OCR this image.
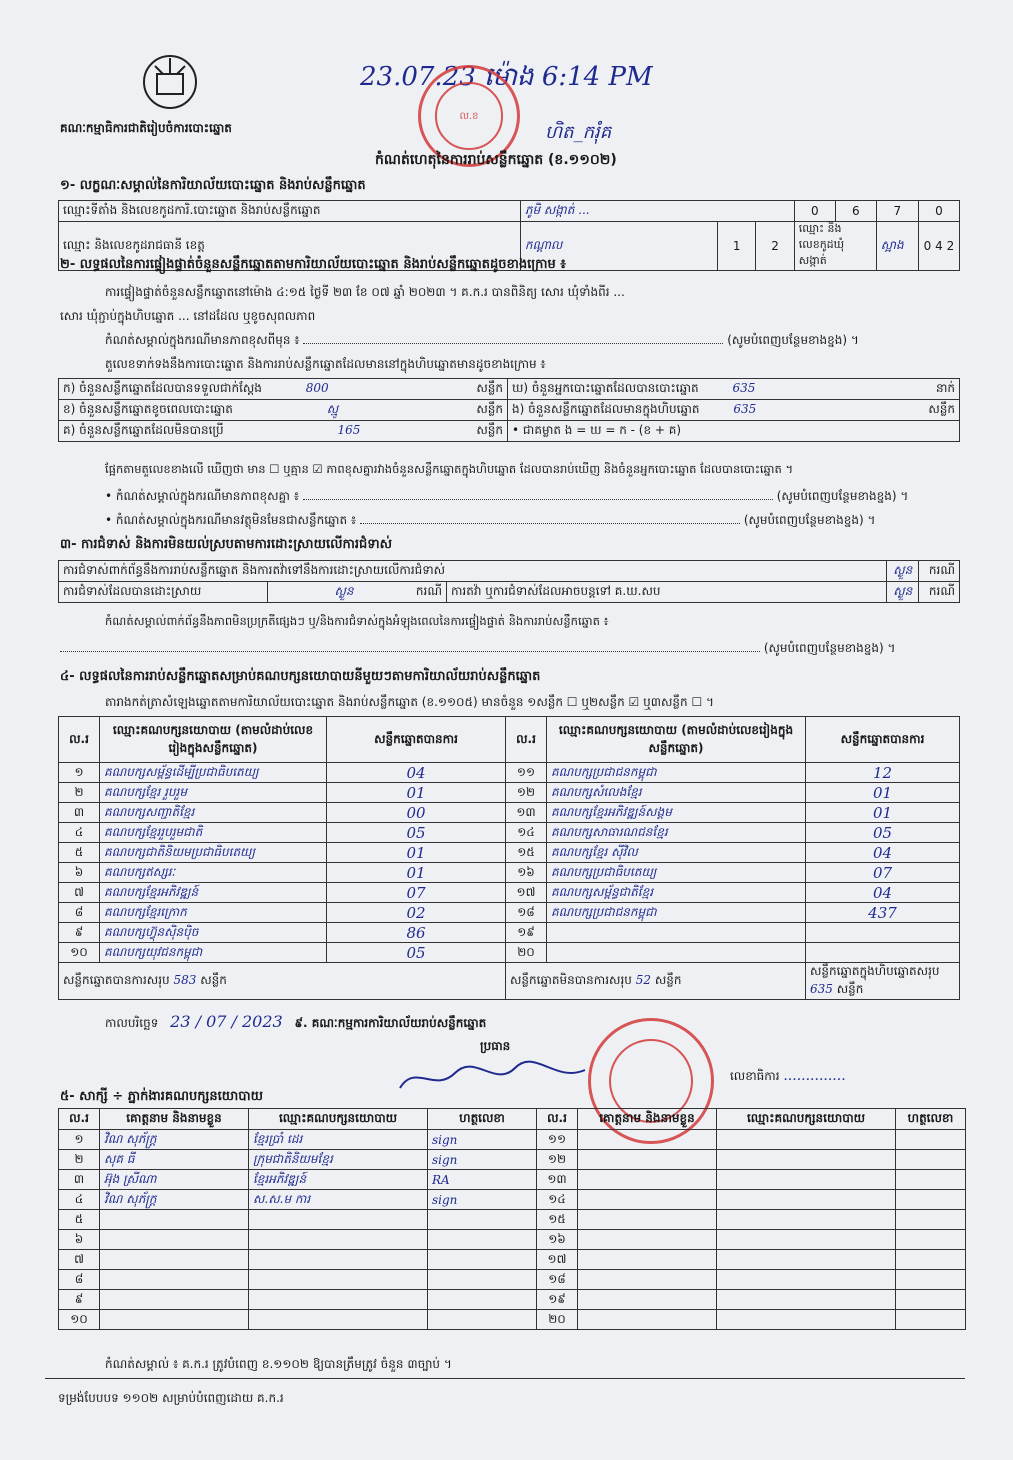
គណៈកម្មាធិការជាតិរៀបចំការបោះឆ្នោត
23.07.23 ម៉ោង 6:14 PM
ល.ខ
ហិត_ករុំគ
កំណត់ហេតុនៃការរាប់សន្លឹកឆ្នោត (ខ.១១០២)
១- លក្ខណៈសម្គាល់នៃការិយាល័យបោះឆ្នោត និងរាប់សន្លឹកឆ្នោត
ឈ្មោះទីតាំង និងលេខកូដការិ.បោះឆ្នោត និងរាប់សន្លឹកឆ្នោត	ភូមិ សង្កាត់ ...			0	6	7	0
ឈ្មោះ និងលេខកូដរាជធានី ខេត្ត	កណ្តាល	1	2	ឈ្មោះ និងលេខកូដឃុំ សង្កាត់		ស្អាង	0 4 2
២- លទ្ធផលនៃការផ្ទៀងផ្ទាត់ចំនួនសន្លឹកឆ្នោតតាមការិយាល័យបោះឆ្នោត និងរាប់សន្លឹកឆ្នោតដូចខាងក្រោម ៖
ការផ្ទៀងផ្ទាត់ចំនួនសន្លឹកឆ្នោតនៅម៉ោង ៤:១៥ ថ្ងៃទី ២៣ ខែ ០៧ ឆ្នាំ ២០២៣ ។ គ.ក.រ បានពិនិត្យ សោរ ឃុំទាំងពីរ ...
សោរ ឃុំភ្ជាប់ក្នុងហិបឆ្នោត ... នៅដដែល ឬខូចសុពលភាព
កំណត់សម្គាល់ក្នុងករណីមានភាពខុសពីមុន ៖	(សូមបំពេញបន្ថែមខាងខ្នង) ។
តួលេខទាក់ទងនឹងការបោះឆ្នោត និងការរាប់សន្លឹកឆ្នោតដែលមាននៅក្នុងហិបឆ្នោតមានដូចខាងក្រោម ៖
ក) ចំនួនសន្លឹកឆ្នោតដែលបានទទួលជាក់ស្តែង 800 សន្លឹក	ឃ) ចំនួនអ្នកបោះឆ្នោតដែលបានបោះឆ្នោត 635 នាក់

ខ) ចំនួនសន្លឹកឆ្នោតខូចពេលបោះឆ្នោត ស្មូ សន្លឹក	ង) ចំនួនសន្លឹកឆ្នោតដែលមានក្នុងហិបឆ្នោត 635 សន្លឹក

គ) ចំនួនសន្លឹកឆ្នោតដែលមិនបានប្រើ 165 សន្លឹក	• ជាគម្លាត ង = ឃ = ក - (ខ + គ)
ផ្អែកតាមតួលេខខាងលើ ឃើញថា មាន ☐ ឬគ្មាន ☑ ភាពខុសគ្នារវាងចំនួនសន្លឹកឆ្នោតក្នុងហិបឆ្នោត ដែលបានរាប់ឃើញ និងចំនួនអ្នកបោះឆ្នោត ដែលបានបោះឆ្នោត ។
• កំណត់សម្គាល់ក្នុងករណីមានភាពខុសគ្នា ៖	(សូមបំពេញបន្ថែមខាងខ្នង) ។
• កំណត់សម្គាល់ក្នុងករណីមានវត្ថុមិនមែនជាសន្លឹកឆ្នោត ៖	(សូមបំពេញបន្ថែមខាងខ្នង) ។
៣- ការជំទាស់ និងការមិនយល់ស្របតាមការដោះស្រាយលើការជំទាស់
ការជំទាស់ពាក់ព័ន្ធនឹងការរាប់សន្លឹកឆ្នោត និងការតវ៉ាទៅនឹងការដោះស្រាយលើការជំទាស់			ស្ងួន	ករណី
ការជំទាស់ដែលបានដោះស្រាយ	ស្ងួន ករណី	ការតវ៉ា ឬការជំទាស់ដែលអាចបន្តទៅ គ.ឃ.សប	ស្ងួន	ករណី
កំណត់សម្គាល់ពាក់ព័ន្ធនឹងភាពមិនប្រក្រតីផ្សេងៗ ឬ/និងការជំទាស់ក្នុងអំឡុងពេលនៃការផ្ទៀងផ្ទាត់ និងការរាប់សន្លឹកឆ្នោត ៖
(សូមបំពេញបន្ថែមខាងខ្នង) ។
៤- លទ្ធផលនៃការរាប់សន្លឹកឆ្នោតសម្រាប់គណបក្សនយោបាយនីមួយៗតាមការិយាល័យរាប់សន្លឹកឆ្នោត
តារាងកត់ត្រាសំឡេងឆ្នោតតាមការិយាល័យបោះឆ្នោត និងរាប់សន្លឹកឆ្នោត (ខ.១១០៥) មានចំនួន ១សន្លឹក ☐ ឬ២សន្លឹក ☑ ឬ៣សន្លឹក ☐ ។
ល.រ	ឈ្មោះគណបក្សនយោបាយ (តាមលំដាប់លេខរៀងក្នុងសន្លឹកឆ្នោត)	សន្លឹកឆ្នោតបានការ	ល.រ	ឈ្មោះគណបក្សនយោបាយ (តាមលំដាប់លេខរៀងក្នុងសន្លឹកឆ្នោត)	សន្លឹកឆ្នោតបានការ
១	គណបក្សសម្ព័ន្ធដើម្បីប្រជាធិបតេយ្យ	04	១១	គណបក្សប្រជាជនកម្ពុជា	12
២	គណបក្សខ្មែរ រួបរួម	01	១២	គណបក្សសំលេងខ្មែរ	01
៣	គណបក្សសញ្ជាតិខ្មែរ	00	១៣	គណបក្សខ្មែរអភិវឌ្ឍន៍សង្គម	01
៤	គណបក្សខ្មែររួបរួមជាតិ	05	១៤	គណបក្សសាធារណជនខ្មែរ	05
៥	គណបក្សជាតិនិយមប្រជាធិបតេយ្យ	01	១៥	គណបក្សខ្មែរ ស៊ីវិល	04
៦	គណបក្សឥស្សរៈ	01	១៦	គណបក្សប្រជាធិបតេយ្យ	07
៧	គណបក្សខ្មែរអភិវឌ្ឍន៍	07	១៧	គណបក្សសម្ព័ន្ធជាតិខ្មែរ	04
៨	គណបក្សខ្មែរក្រោក	02	១៨	គណបក្សប្រជាជនកម្ពុជា	437
៩	គណបក្សហ៊្វុនស៊ិនប៉ិច	86	១៩		
១០	គណបក្សយុវជនកម្ពុជា	05	២០		
សន្លឹកឆ្នោតបានការសរុប 583 សន្លឹក			សន្លឹកឆ្នោតមិនបានការសរុប 52 សន្លឹក		សន្លឹកឆ្នោតក្នុងហិបឆ្នោតសរុប 635 សន្លឹក
កាលបរិច្ឆេទ 23 / 07 / 2023 ៩. គណៈកម្មការការិយាល័យរាប់សន្លឹកឆ្នោត
ប្រធាន
លេខាធិការ ..............
៥- សាក្សី ÷ ភ្នាក់ងារគណបក្សនយោបាយ
ល.រ	គោត្តនាម និងនាមខ្លួន	ឈ្មោះគណបក្សនយោបាយ	ហត្ថលេខា	ល.រ	គោត្តនាម និងនាមខ្លួន	ឈ្មោះគណបក្សនយោបាយ	ហត្ថលេខា
១	វិណ សុភ័ក្ត្រ	ខ្មែរប្រាំ ដេរ	sign	១១			
២	សុគ ធី	ក្រុមជាតិនិយមខ្មែរ	sign	១២			
៣	អ៊ុង ស្រីណា	ខ្មែរអភិវឌ្ឍន៍	RA	១៣			
៤	វិណ សុភ័ក្ត្រ	ស.ស.ម ការ	sign	១៤			
៥				១៥			
៦				១៦			
៧				១៧			
៨				១៨			
៩				១៩			
១០				២០			
កំណត់សម្គាល់ ៖ គ.ក.រ ត្រូវបំពេញ ខ.១១០២ ឱ្យបានត្រឹមត្រូវ ចំនួន ៣ច្បាប់ ។
ទម្រង់បែបបទ ១១០២ សម្រាប់បំពេញដោយ គ.ក.រ
